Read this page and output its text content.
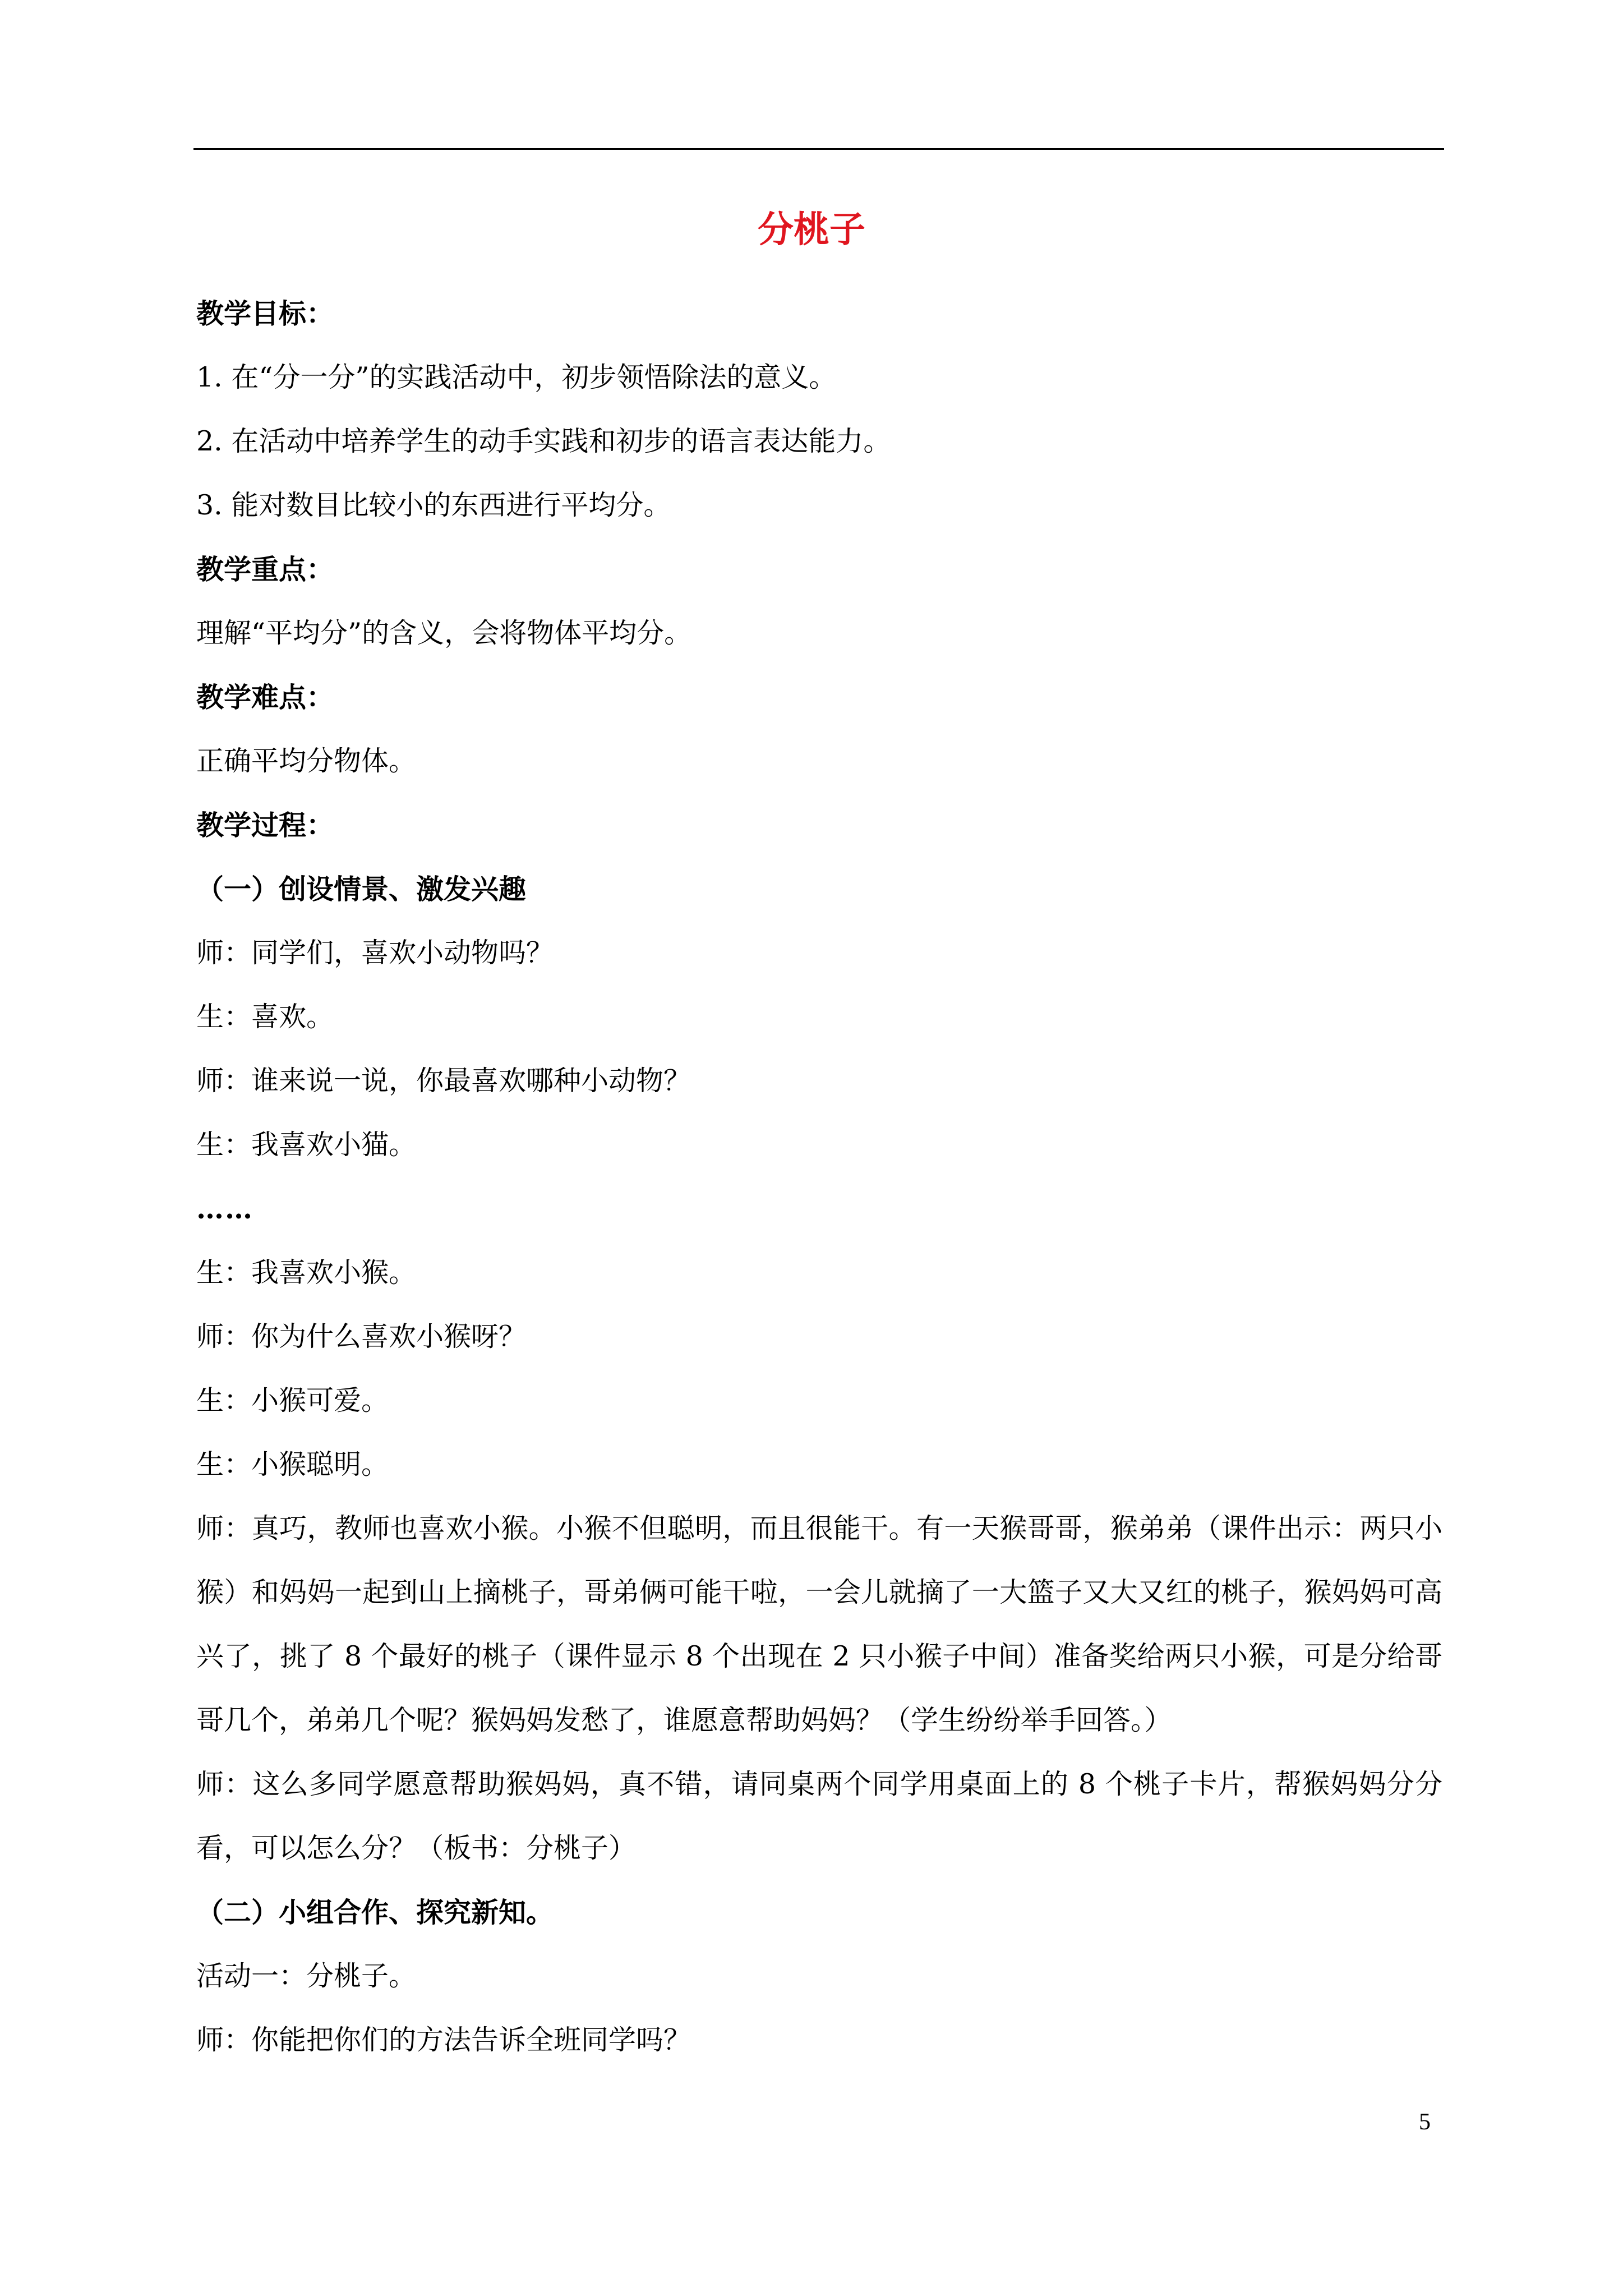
分桃子
教学目标：
1. 在“分一分”的实践活动中，初步领悟除法的意义。
2. 在活动中培养学生的动手实践和初步的语言表达能力。
3. 能对数目比较小的东西进行平均分。
教学重点：
理解“平均分”的含义，会将物体平均分。
教学难点：
正确平均分物体。
教学过程：
（一）创设情景、激发兴趣
师：同学们，喜欢小动物吗？
生：喜欢。
师：谁来说一说，你最喜欢哪种小动物？
生：我喜欢小猫。
……
生：我喜欢小猴。
师：你为什么喜欢小猴呀？
生：小猴可爱。
生：小猴聪明。
师：真巧，教师也喜欢小猴。小猴不但聪明，而且很能干。有一天猴哥哥，猴弟弟（课件出示：两只小猴）和妈妈一起到山上摘桃子，哥弟俩可能干啦，一会儿就摘了一大篮子又大又红的桃子，猴妈妈可高兴了，挑了 8 个最好的桃子（课件显示 8 个出现在 2 只小猴子中间）准备奖给两只小猴，可是分给哥哥几个，弟弟几个呢？猴妈妈发愁了，谁愿意帮助妈妈？（学生纷纷举手回答。）
师：这么多同学愿意帮助猴妈妈，真不错，请同桌两个同学用桌面上的 8 个桃子卡片，帮猴妈妈分分看，可以怎么分？（板书：分桃子）
（二）小组合作、探究新知。
活动一：分桃子。
师：你能把你们的方法告诉全班同学吗？
5
